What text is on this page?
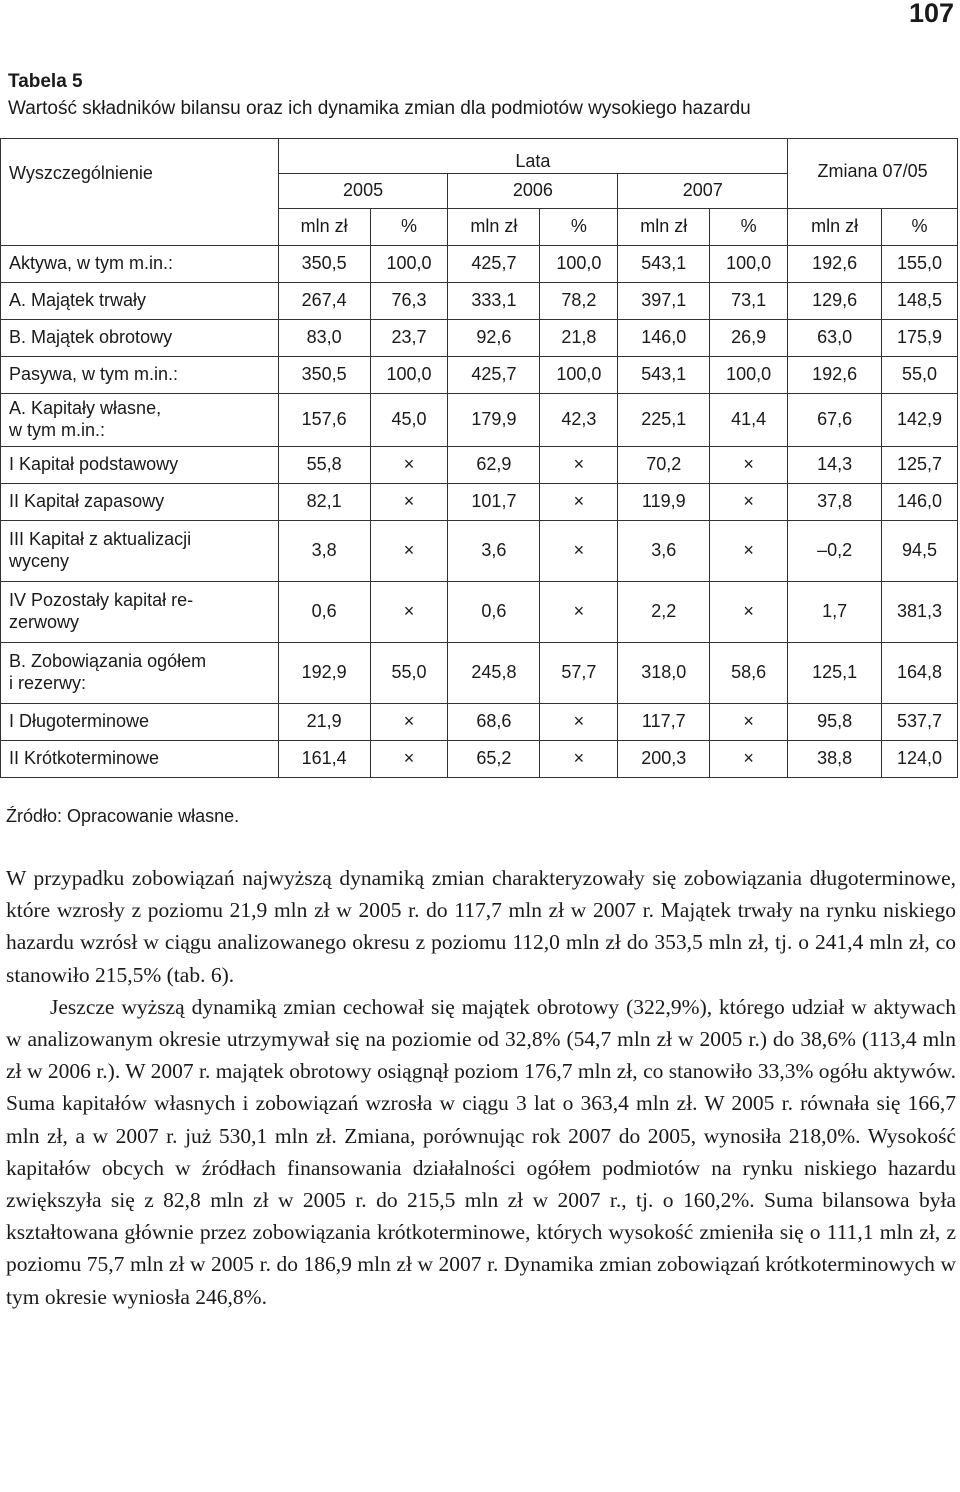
107
Tabela 5
Wartość składników bilansu oraz ich dynamika zmian dla podmiotów wysokiego hazardu
Wyszczególnienie	Lata						Zmiana 07/05	
	2005		2006		2007			
	mln zł	%	mln zł	%	mln zł	%	mln zł	%
Aktywa, w tym m.in.:	350,5	100,0	425,7	100,0	543,1	100,0	192,6	155,0
A. Majątek trwały	267,4	76,3	333,1	78,2	397,1	73,1	129,6	148,5
B. Majątek obrotowy	83,0	23,7	92,6	21,8	146,0	26,9	63,0	175,9
Pasywa, w tym m.in.:	350,5	100,0	425,7	100,0	543,1	100,0	192,6	55,0
A. Kapitały własne,
w tym m.in.:	157,6	45,0	179,9	42,3	225,1	41,4	67,6	142,9
I Kapitał podstawowy	55,8	×	62,9	×	70,2	×	14,3	125,7
II Kapitał zapasowy	82,1	×	101,7	×	119,9	×	37,8	146,0
III Kapitał z aktualizacji
wyceny	3,8	×	3,6	×	3,6	×	–0,2	94,5
IV Pozostały kapitał re-
zerwowy	0,6	×	0,6	×	2,2	×	1,7	381,3
B. Zobowiązania ogółem
i rezerwy:	192,9	55,0	245,8	57,7	318,0	58,6	125,1	164,8
I Długoterminowe	21,9	×	68,6	×	117,7	×	95,8	537,7
II Krótkoterminowe	161,4	×	65,2	×	200,3	×	38,8	124,0
Źródło: Opracowanie własne.

W przypadku zobowiązań najwyższą dynamiką zmian charakteryzowały się zobowiązania długoterminowe, które wzrosły z poziomu 21,9 mln zł w 2005 r. do 117,7 mln zł w 2007 r. Majątek trwały na rynku niskiego hazardu wzrósł w ciągu analizowanego okresu z poziomu 112,0 mln zł do 353,5 mln zł, tj. o 241,4 mln zł, co stanowiło 215,5% (tab. 6).

Jeszcze wyższą dynamiką zmian cechował się majątek obrotowy (322,9%), którego udział w aktywach w analizowanym okresie utrzymywał się na poziomie od 32,8% (54,7 mln zł w 2005 r.) do 38,6% (113,4 mln zł w 2006 r.). W 2007 r. majątek obrotowy osiągnął poziom 176,7 mln zł, co stanowiło 33,3% ogółu aktywów. Suma kapitałów własnych i zobowiązań wzrosła w ciągu 3 lat o 363,4 mln zł. W 2005 r. równała się 166,7 mln zł, a w 2007 r. już 530,1 mln zł. Zmiana, porównując rok 2007 do 2005, wynosiła 218,0%. Wysokość kapitałów obcych w źródłach finansowania działalności ogółem podmiotów na rynku niskiego hazardu zwiększyła się z 82,8 mln zł w 2005 r. do 215,5 mln zł w 2007 r., tj. o 160,2%. Suma bilansowa była kształtowana głównie przez zobowiązania krótkoterminowe, których wysokość zmieniła się o 111,1 mln zł, z poziomu 75,7 mln zł w 2005 r. do 186,9 mln zł w 2007 r. Dynamika zmian zobowiązań krótkoterminowych w tym okresie wyniosła 246,8%.
